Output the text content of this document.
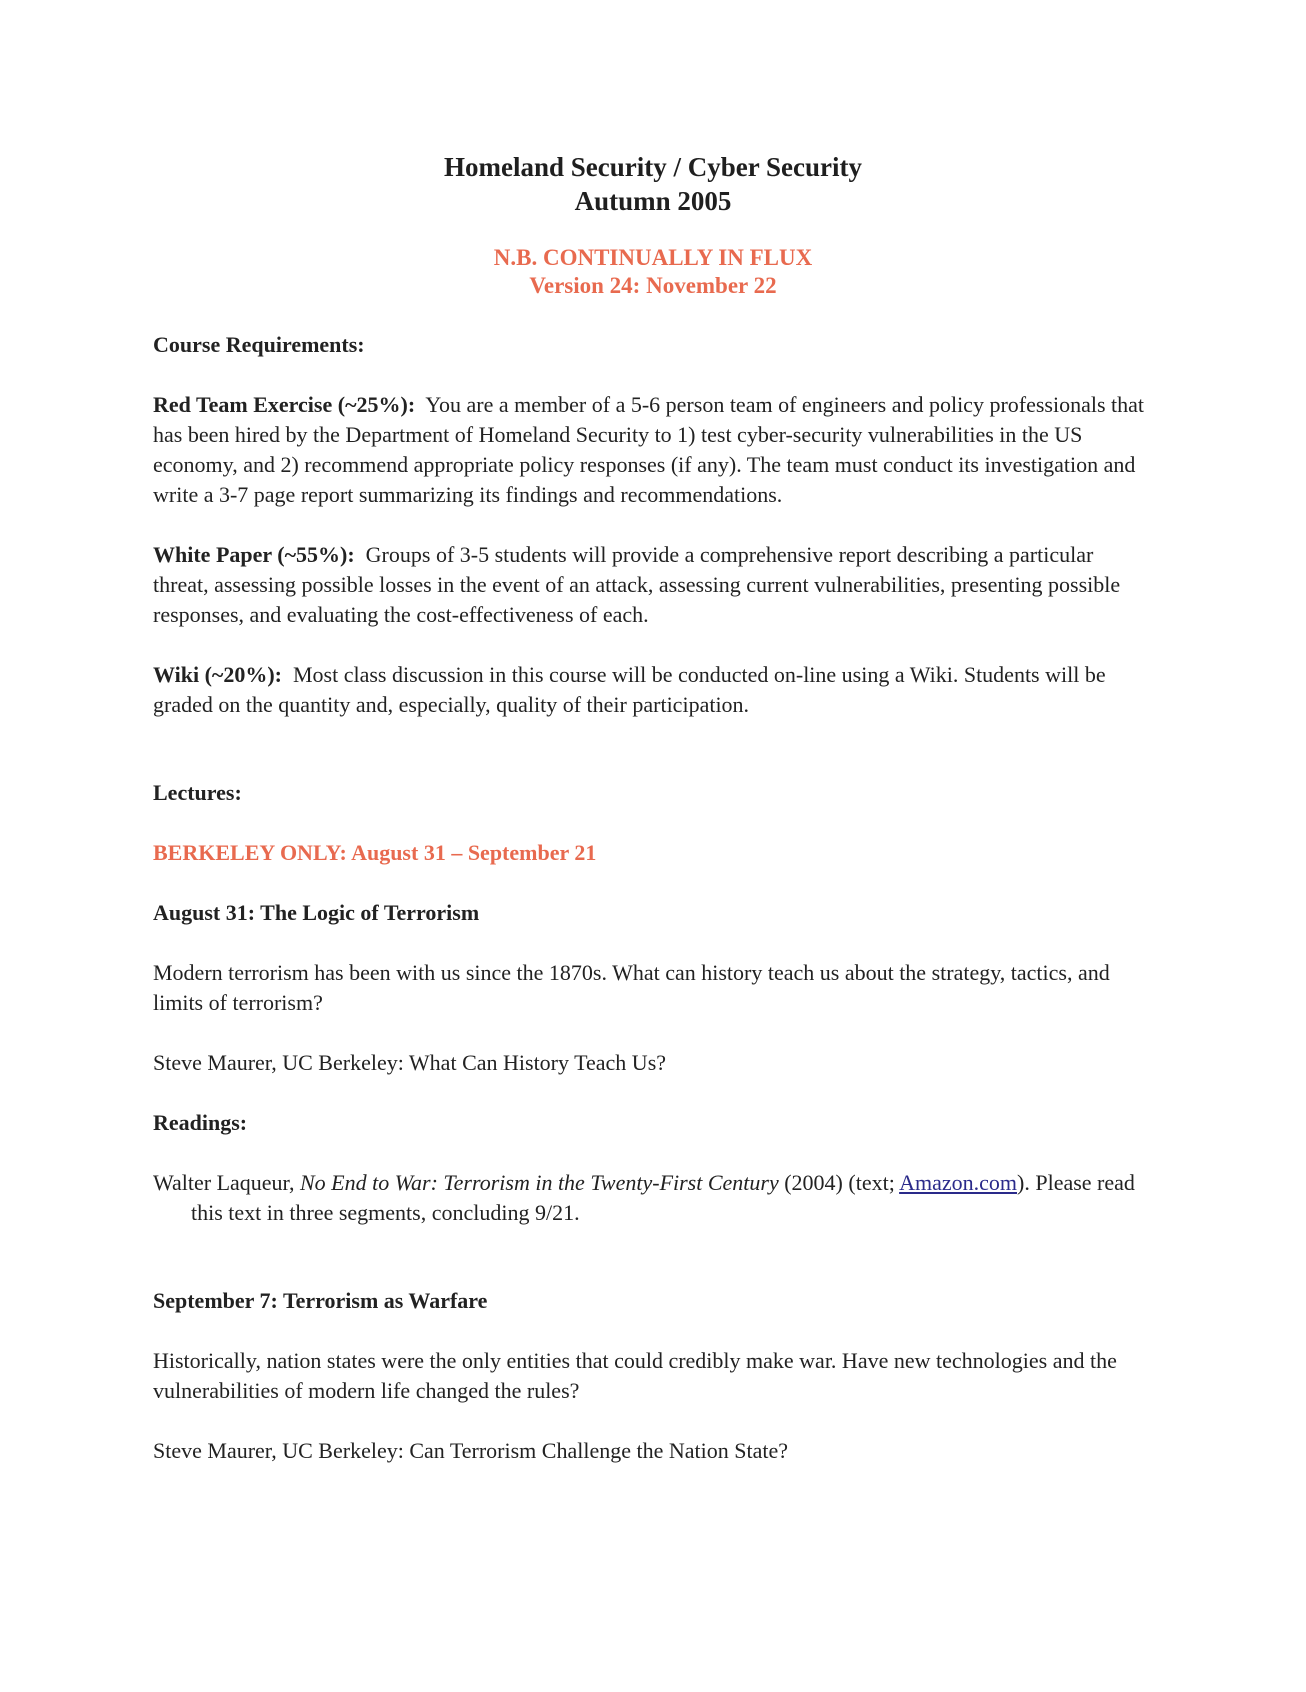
Homeland Security / Cyber Security
Autumn 2005
N.B. CONTINUALLY IN FLUX
Version 24: November 22

Course Requirements:

Red Team Exercise (~25%): You are a member of a 5-6 person team of engineers and policy professionals that has been hired by the Department of Homeland Security to 1) test cyber-security vulnerabilities in the US economy, and 2) recommend appropriate policy responses (if any). The team must conduct its investigation and write a 3-7 page report summarizing its findings and recommendations.

White Paper (~55%): Groups of 3-5 students will provide a comprehensive report describing a particular threat, assessing possible losses in the event of an attack, assessing current vulnerabilities, presenting possible responses, and evaluating the cost-effectiveness of each.

Wiki (~20%): Most class discussion in this course will be conducted on-line using a Wiki. Students will be graded on the quantity and, especially, quality of their participation.

Lectures:

BERKELEY ONLY: August 31 – September 21

August 31: The Logic of Terrorism

Modern terrorism has been with us since the 1870s. What can history teach us about the strategy, tactics, and limits of terrorism?

Steve Maurer, UC Berkeley: What Can History Teach Us?

Readings:

Walter Laqueur, No End to War: Terrorism in the Twenty-First Century (2004) (text; Amazon.com). Please read this text in three segments, concluding 9/21.

September 7: Terrorism as Warfare

Historically, nation states were the only entities that could credibly make war. Have new technologies and the vulnerabilities of modern life changed the rules?

Steve Maurer, UC Berkeley: Can Terrorism Challenge the Nation State?
